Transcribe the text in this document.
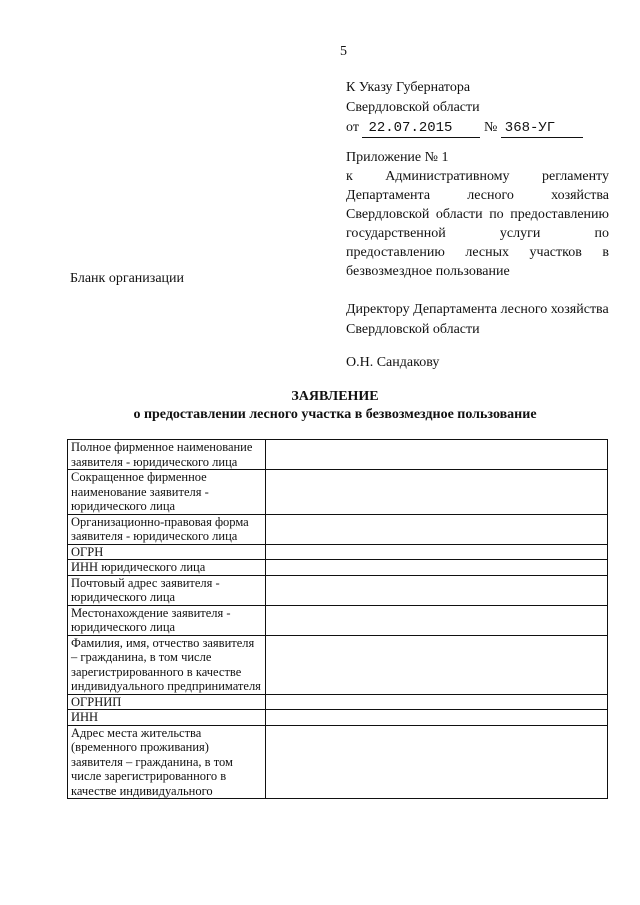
5
К Указу Губернатора
Свердловской области
от 22.07.2015 № 368-УГ
Приложение № 1

к Административному регламенту Департамента лесного хозяйства Свердловской области по предоставлению государственной услуги по предоставлению лесных участков в безвозмездное пользование

Бланк организации
Директору Департамента лесного хозяйства Свердловской области
О.Н. Сандакову
ЗАЯВЛЕНИЕ
о предоставлении лесного участка в безвозмездное пользование
Полное фирменное наименование заявителя - юридического лица	
Сокращенное фирменное наименование заявителя - юридического лица	
Организационно-правовая форма заявителя - юридического лица	
ОГРН	
ИНН юридического лица	
Почтовый адрес заявителя - юридического лица	
Местонахождение заявителя - юридического лица	
Фамилия, имя, отчество заявителя – гражданина, в том числе зарегистрированного в качестве индивидуального предпринимателя	
ОГРНИП	
ИНН	
Адрес места жительства (временного проживания) заявителя – гражданина, в том числе зарегистрированного в качестве индивидуального	
